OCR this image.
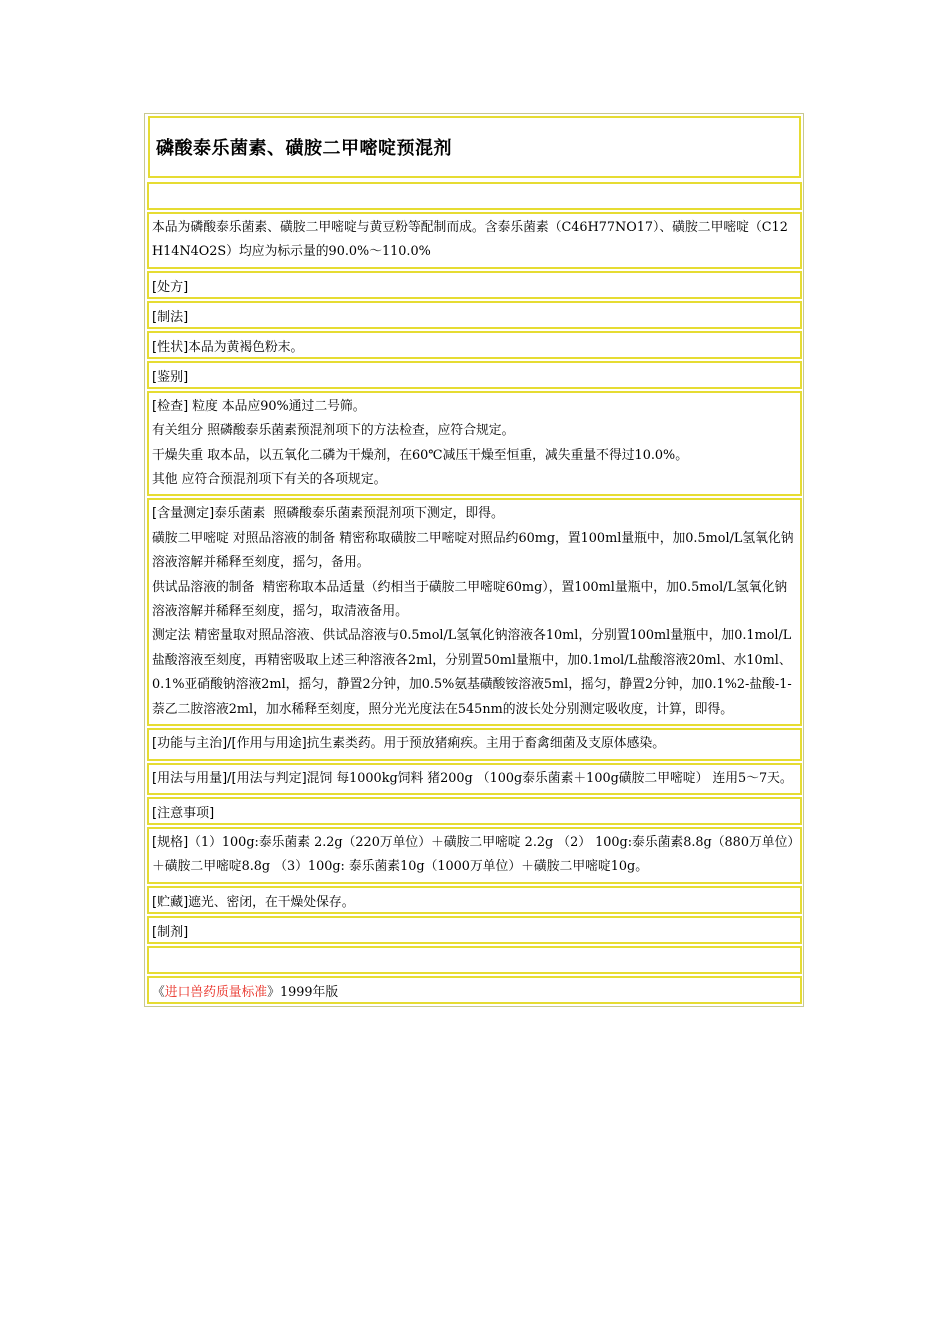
磷酸泰乐菌素、磺胺二甲嘧啶预混剂
本品为磷酸泰乐菌素、磺胺二甲嘧啶与黄豆粉等配制而成。含泰乐菌素（C46H77NO17）、磺胺二甲嘧啶（C12H14N4O2S）均应为标示量的90.0%～110.0%
[处方]
[制法]
[性状]本品为黄褐色粉末。
[鉴别]
[检查] 粒度 本品应90%通过二号筛。
有关组分 照磷酸泰乐菌素预混剂项下的方法检查，应符合规定。
干燥失重 取本品，以五氧化二磷为干燥剂，在60℃减压干燥至恒重，减失重量不得过10.0%。
其他 应符合预混剂项下有关的各项规定。
[含量测定]泰乐菌素  照磷酸泰乐菌素预混剂项下测定，即得。
磺胺二甲嘧啶 对照品溶液的制备 精密称取磺胺二甲嘧啶对照品约60mg，置100ml量瓶中，加0.5mol/L氢氧化钠溶液溶解并稀释至刻度，摇匀，备用。
供试品溶液的制备  精密称取本品适量（约相当于磺胺二甲嘧啶60mg），置100ml量瓶中，加0.5mol/L氢氧化钠溶液溶解并稀释至刻度，摇匀，取清液备用。
测定法 精密量取对照品溶液、供试品溶液与0.5mol/L氢氧化钠溶液各10ml，分别置100ml量瓶中，加0.1mol/L盐酸溶液至刻度，再精密吸取上述三种溶液各2ml，分别置50ml量瓶中，加0.1mol/L盐酸溶液20ml、水10ml、0.1%亚硝酸钠溶液2ml，摇匀，静置2分钟，加0.5%氨基磺酸铵溶液5ml，摇匀，静置2分钟，加0.1%2-盐酸-1-萘乙二胺溶液2ml，加水稀释至刻度，照分光光度法在545nm的波长处分别测定吸收度，计算，即得。
[功能与主治]/[作用与用途]抗生素类药。用于预放猪痢疾。主用于畜禽细菌及支原体感染。
[用法与用量]/[用法与判定]混饲 每1000kg饲料 猪200g （100g泰乐菌素＋100g磺胺二甲嘧啶） 连用5～7天。
[注意事项]
[规格]（1）100g:泰乐菌素 2.2g（220万单位）＋磺胺二甲嘧啶 2.2g （2） 100g:泰乐菌素8.8g（880万单位）＋磺胺二甲嘧啶8.8g （3）100g: 泰乐菌素10g（1000万单位）＋磺胺二甲嘧啶10g。
[贮藏]遮光、密闭，在干燥处保存。
[制剂]
《进口兽药质量标准》1999年版
